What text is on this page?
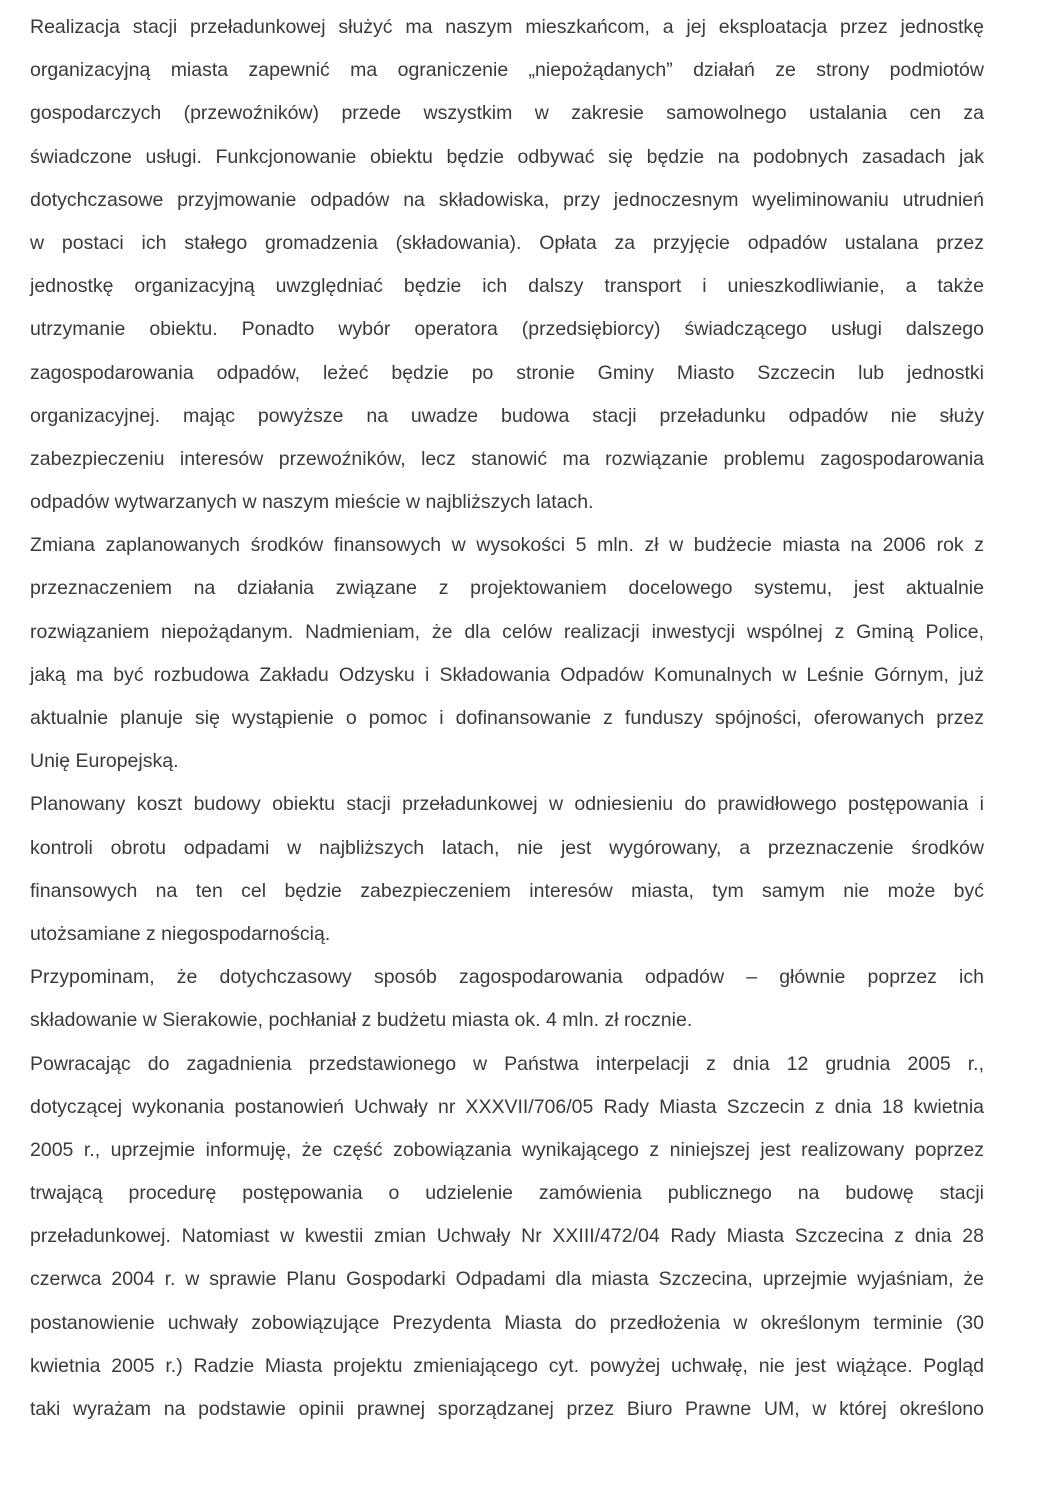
Realizacja stacji przeładunkowej służyć ma naszym mieszkańcom, a jej eksploatacja przez jednostkę
organizacyjną miasta zapewnić ma ograniczenie „niepożądanych” działań ze strony podmiotów
gospodarczych (przewoźników) przede wszystkim w zakresie samowolnego ustalania cen za
świadczone usługi. Funkcjonowanie obiektu będzie odbywać się będzie na podobnych zasadach jak
dotychczasowe przyjmowanie odpadów na składowiska, przy jednoczesnym wyeliminowaniu utrudnień
w postaci ich stałego gromadzenia (składowania). Opłata za przyjęcie odpadów ustalana przez
jednostkę organizacyjną uwzględniać będzie ich dalszy transport i unieszkodliwianie, a także
utrzymanie obiektu. Ponadto wybór operatora (przedsiębiorcy) świadczącego usługi dalszego
zagospodarowania odpadów, leżeć będzie po stronie Gminy Miasto Szczecin lub jednostki
organizacyjnej. mając powyższe na uwadze budowa stacji przeładunku odpadów nie służy
zabezpieczeniu interesów przewoźników, lecz stanowić ma rozwiązanie problemu zagospodarowania
odpadów wytwarzanych w naszym mieście w najbliższych latach.
Zmiana zaplanowanych środków finansowych w wysokości 5 mln. zł w budżecie miasta na 2006 rok z
przeznaczeniem na działania związane z projektowaniem docelowego systemu, jest aktualnie
rozwiązaniem niepożądanym. Nadmieniam, że dla celów realizacji inwestycji wspólnej z Gminą Police,
jaką ma być rozbudowa Zakładu Odzysku i Składowania Odpadów Komunalnych w Leśnie Górnym, już
aktualnie planuje się wystąpienie o pomoc i dofinansowanie z funduszy spójności, oferowanych przez
Unię Europejską.
Planowany koszt budowy obiektu stacji przeładunkowej w odniesieniu do prawidłowego postępowania i
kontroli obrotu odpadami w najbliższych latach, nie jest wygórowany, a przeznaczenie środków
finansowych na ten cel będzie zabezpieczeniem interesów miasta, tym samym nie może być
utożsamiane z niegospodarnością.
Przypominam, że dotychczasowy sposób zagospodarowania odpadów – głównie poprzez ich
składowanie w Sierakowie, pochłaniał z budżetu miasta ok. 4 mln. zł rocznie.
Powracając do zagadnienia przedstawionego w Państwa interpelacji z dnia 12 grudnia 2005 r.,
dotyczącej wykonania postanowień Uchwały nr XXXVII/706/05 Rady Miasta Szczecin z dnia 18 kwietnia
2005 r., uprzejmie informuję, że część zobowiązania wynikającego z niniejszej jest realizowany poprzez
trwającą procedurę postępowania o udzielenie zamówienia publicznego na budowę stacji
przeładunkowej. Natomiast w kwestii zmian Uchwały Nr XXIII/472/04 Rady Miasta Szczecina z dnia 28
czerwca 2004 r. w sprawie Planu Gospodarki Odpadami dla miasta Szczecina, uprzejmie wyjaśniam, że
postanowienie uchwały zobowiązujące Prezydenta Miasta do przedłożenia w określonym terminie (30
kwietnia 2005 r.) Radzie Miasta projektu zmieniającego cyt. powyżej uchwałę, nie jest wiążące. Pogląd
taki wyrażam na podstawie opinii prawnej sporządzanej przez Biuro Prawne UM, w której określono
